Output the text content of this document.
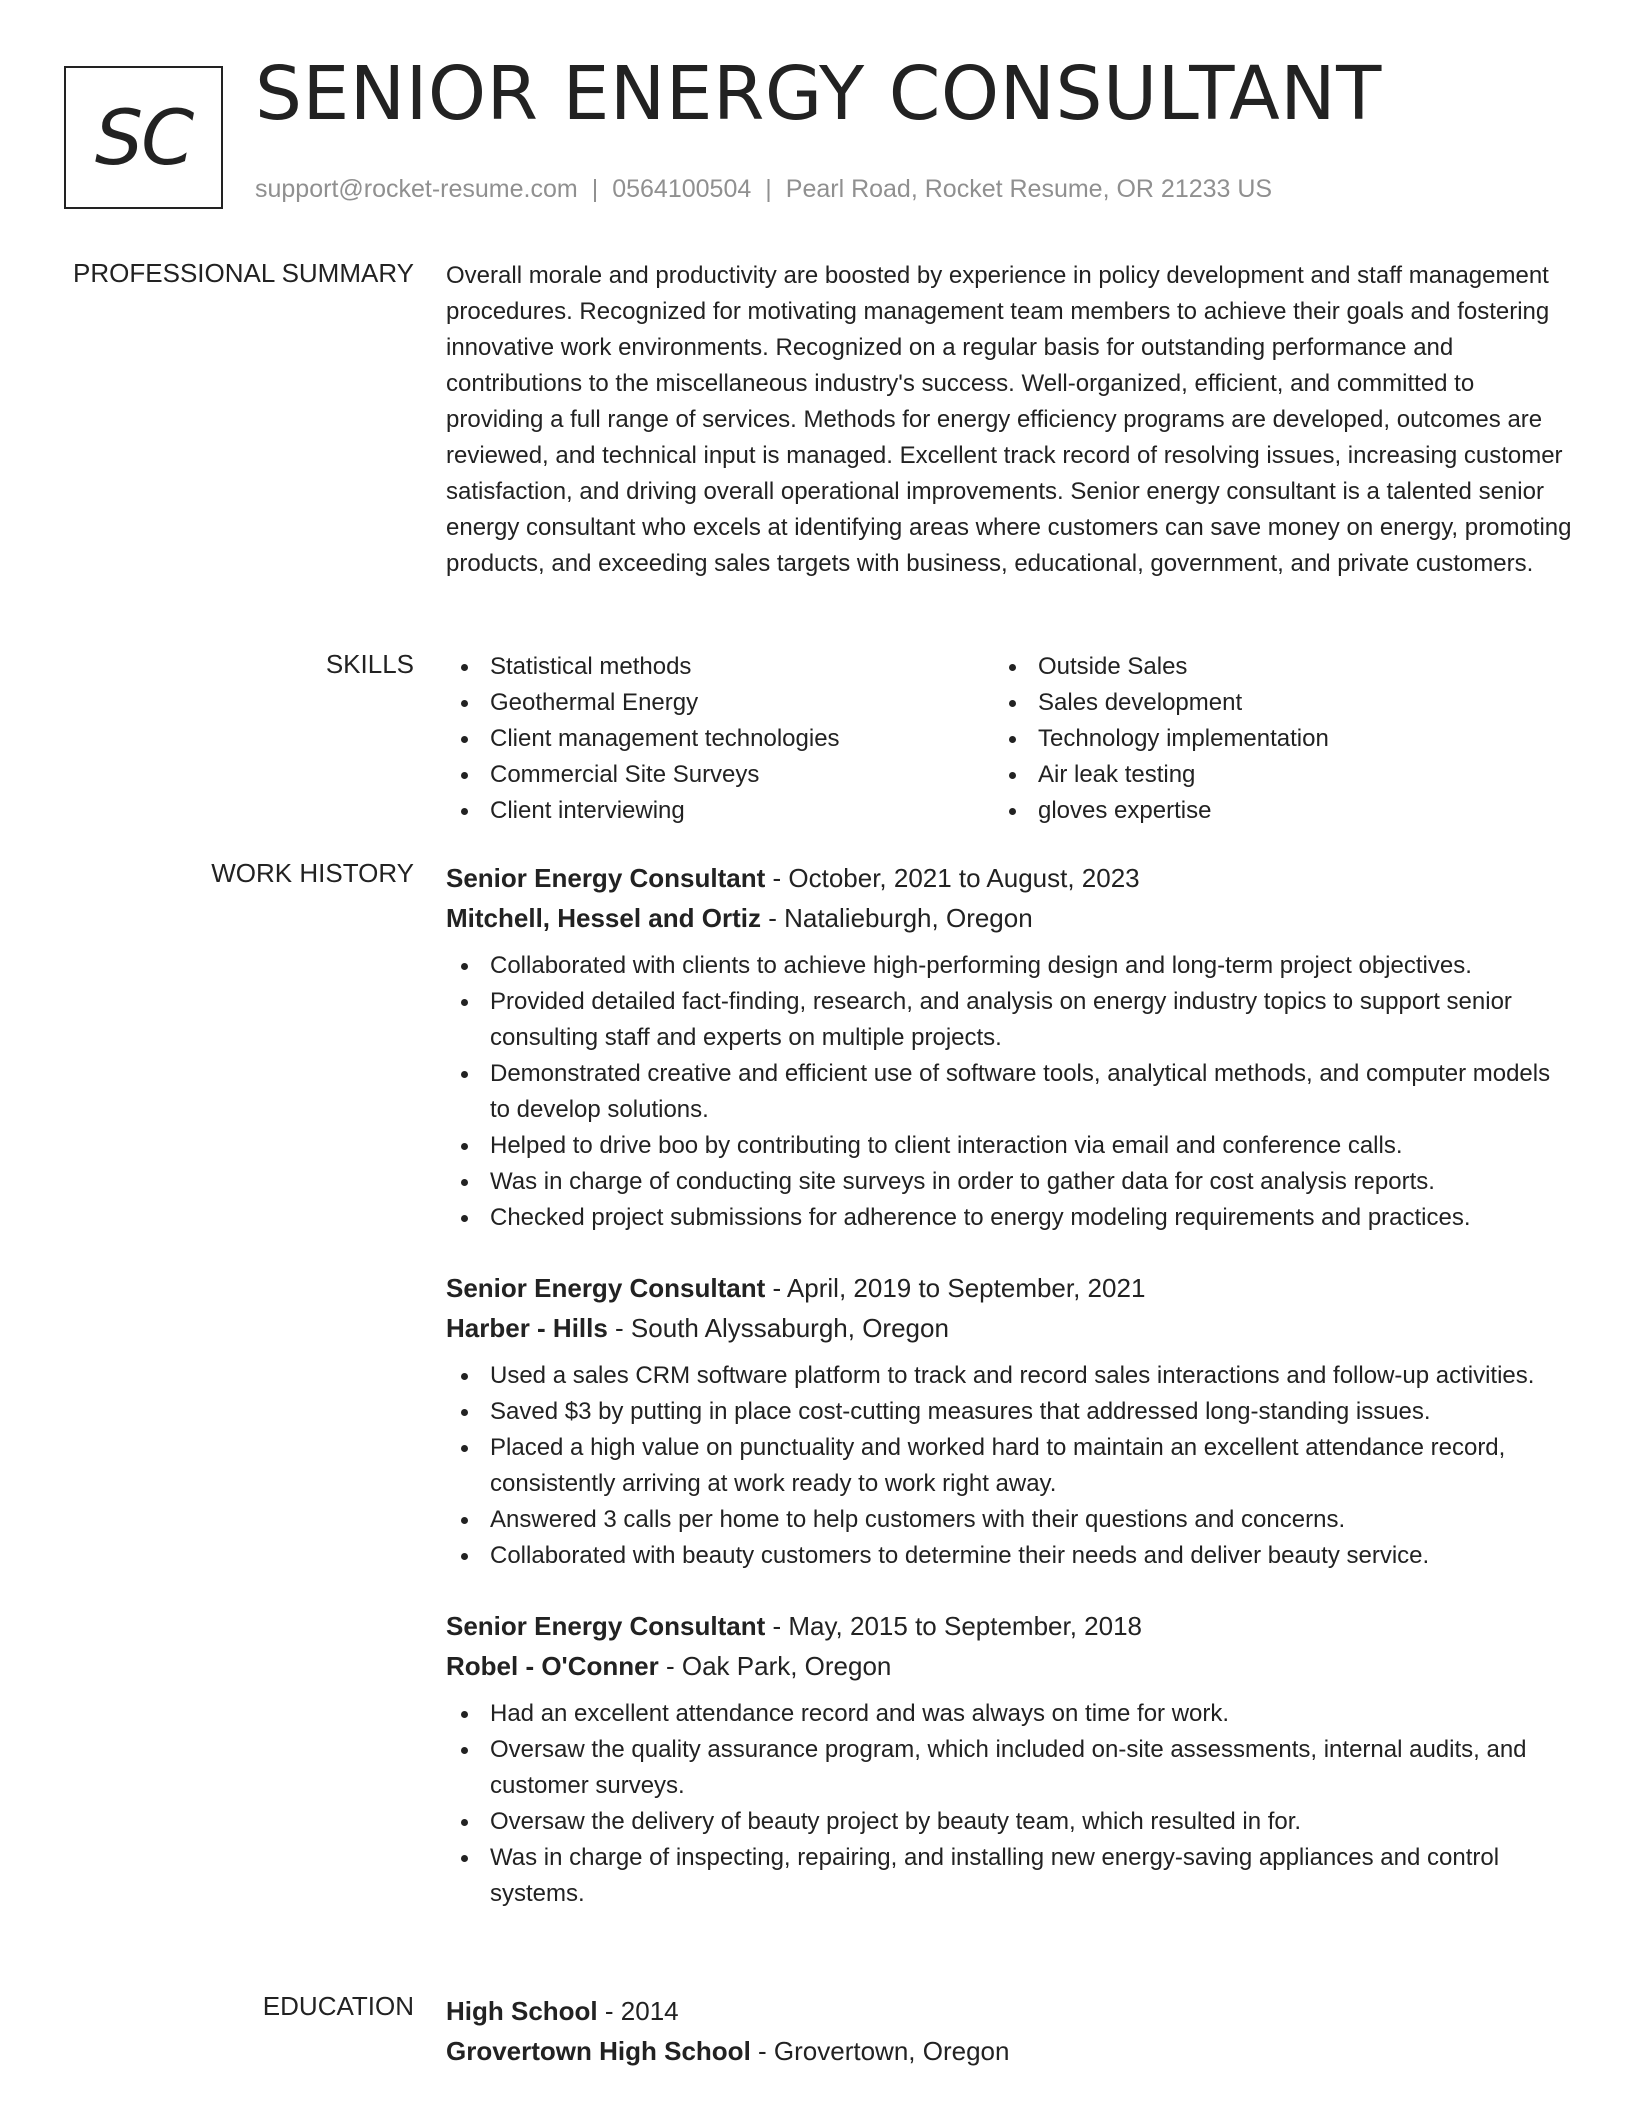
SC SENIOR ENERGY CONSULTANT
support@rocket-resume.com | 0564100504 | Pearl Road, Rocket Resume, OR 21233 US
PROFESSIONAL SUMMARY Overall morale and productivity are boosted by experience in policy development and staff management procedures. Recognized for motivating management team members to achieve their goals and fostering innovative work environments. Recognized on a regular basis for outstanding performance and contributions to the miscellaneous industry's success. Well-organized, efficient, and committed to providing a full range of services. Methods for energy efficiency programs are developed, outcomes are reviewed, and technical input is managed. Excellent track record of resolving issues, increasing customer satisfaction, and driving overall operational improvements. Senior energy consultant is a talented senior energy consultant who excels at identifying areas where customers can save money on energy, promoting products, and exceeding sales targets with business, educational, government, and private customers.
SKILLS	Statistical methods
Geothermal Energy
Client management technologies
Commercial Site Surveys
Client interviewing
Outside Sales
Sales development
Technology implementation
Air leak testing
gloves expertise
WORK HISTORY Senior Energy Consultant - October, 2021 to August, 2023
Mitchell, Hessel and Ortiz - Natalieburgh, Oregon
Collaborated with clients to achieve high-performing design and long-term project objectives.
Provided detailed fact-finding, research, and analysis on energy industry topics to support senior consulting staff and experts on multiple projects.
Demonstrated creative and efficient use of software tools, analytical methods, and computer models to develop solutions.
Helped to drive boo by contributing to client interaction via email and conference calls.
Was in charge of conducting site surveys in order to gather data for cost analysis reports.
Checked project submissions for adherence to energy modeling requirements and practices.
Senior Energy Consultant - April, 2019 to September, 2021
Harber - Hills - South Alyssaburgh, Oregon
Used a sales CRM software platform to track and record sales interactions and follow-up activities.
Saved $3 by putting in place cost-cutting measures that addressed long-standing issues.
Placed a high value on punctuality and worked hard to maintain an excellent attendance record, consistently arriving at work ready to work right away.
Answered 3 calls per home to help customers with their questions and concerns.
Collaborated with beauty customers to determine their needs and deliver beauty service.
Senior Energy Consultant - May, 2015 to September, 2018
Robel - O'Conner - Oak Park, Oregon
Had an excellent attendance record and was always on time for work.
Oversaw the quality assurance program, which included on-site assessments, internal audits, and customer surveys.
Oversaw the delivery of beauty project by beauty team, which resulted in for.
Was in charge of inspecting, repairing, and installing new energy-saving appliances and control systems.
EDUCATION High School - 2014
Grovertown High School - Grovertown, Oregon
